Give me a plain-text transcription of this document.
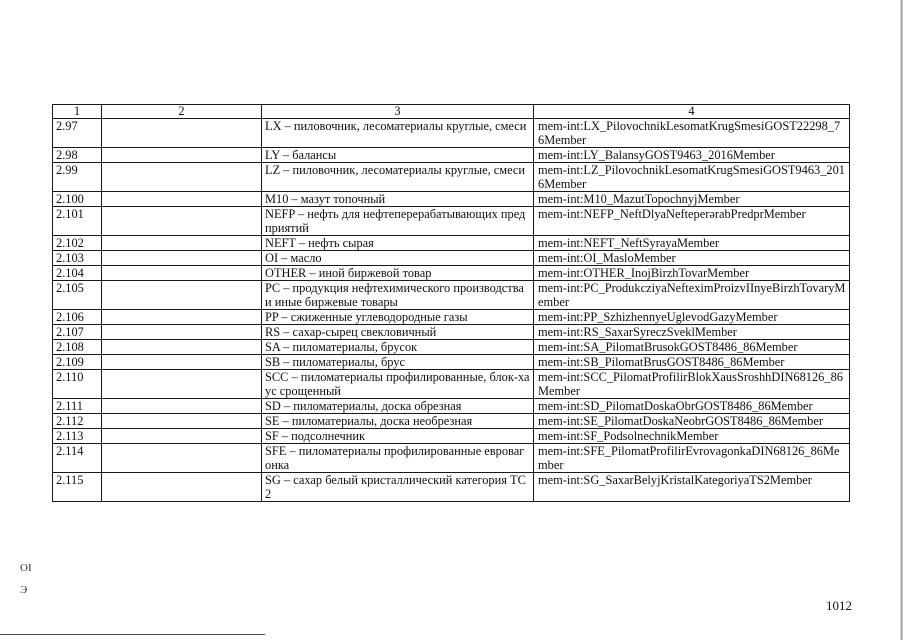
1	2	3	4
2.97		LX – пиловочник, лесоматериалы круглые, смеси	mem-int:LX_PilovochnikLesomatKrugSmesiGOST22298_76Member
2.98		LY – балансы	mem-int:LY_BalansyGOST9463_2016Member
2.99		LZ – пиловочник, лесоматериалы круглые, смеси	mem-int:LZ_PilovochnikLesomatKrugSmesiGOST9463_2016Member
2.100		M10 – мазут топочный	mem-int:M10_MazutTopochnyjMember
2.101		NEFP – нефть для нефтеперерабатывающих предприятий	mem-int:NEFP_NeftDlyaNefteperərabPredprMember
2.102		NEFT – нефть сырая	mem-int:NEFT_NeftSyrayaMember
2.103		OI – масло	mem-int:OI_MasloMember
2.104		OTHER – иной биржевой товар	mem-int:OTHER_InojBirzhTovarMember
2.105		PC – продукция нефтехимического производства и иные биржевые товары	mem-int:PC_ProdukcziyaNefteximProizvIInyeBirzhTovaryMember
2.106		PP – сжиженные углеводородные газы	mem-int:PP_SzhizhennyeUglevodGazyMember
2.107		RS – сахар-сырец свекловичный	mem-int:RS_SaxarSyreczSveklMember
2.108		SA – пиломатериалы, брусок	mem-int:SA_PilomatBrusokGOST8486_86Member
2.109		SB – пиломатериалы, брус	mem-int:SB_PilomatBrusGOST8486_86Member
2.110		SCC – пиломатериалы профилированные, блок-хаус срощенный	mem-int:SCC_PilomatProfilirBlokXausSroshhDIN68126_86Member
2.111		SD – пиломатериалы, доска обрезная	mem-int:SD_PilomatDoskaObrGOST8486_86Member
2.112		SE – пиломатериалы, доска необрезная	mem-int:SE_PilomatDoskaNeobrGOST8486_86Member
2.113		SF – подсолнечник	mem-int:SF_PodsolnechnikMember
2.114		SFE – пиломатериалы профилированные евровагонка	mem-int:SFE_PilomatProfilirEvrovagonkaDIN68126_86Member
2.115		SG – сахар белый кристаллический категория ТС2	mem-int:SG_SaxarBelyjKristalKategoriyaTS2Member
1012
ОІ
Э
